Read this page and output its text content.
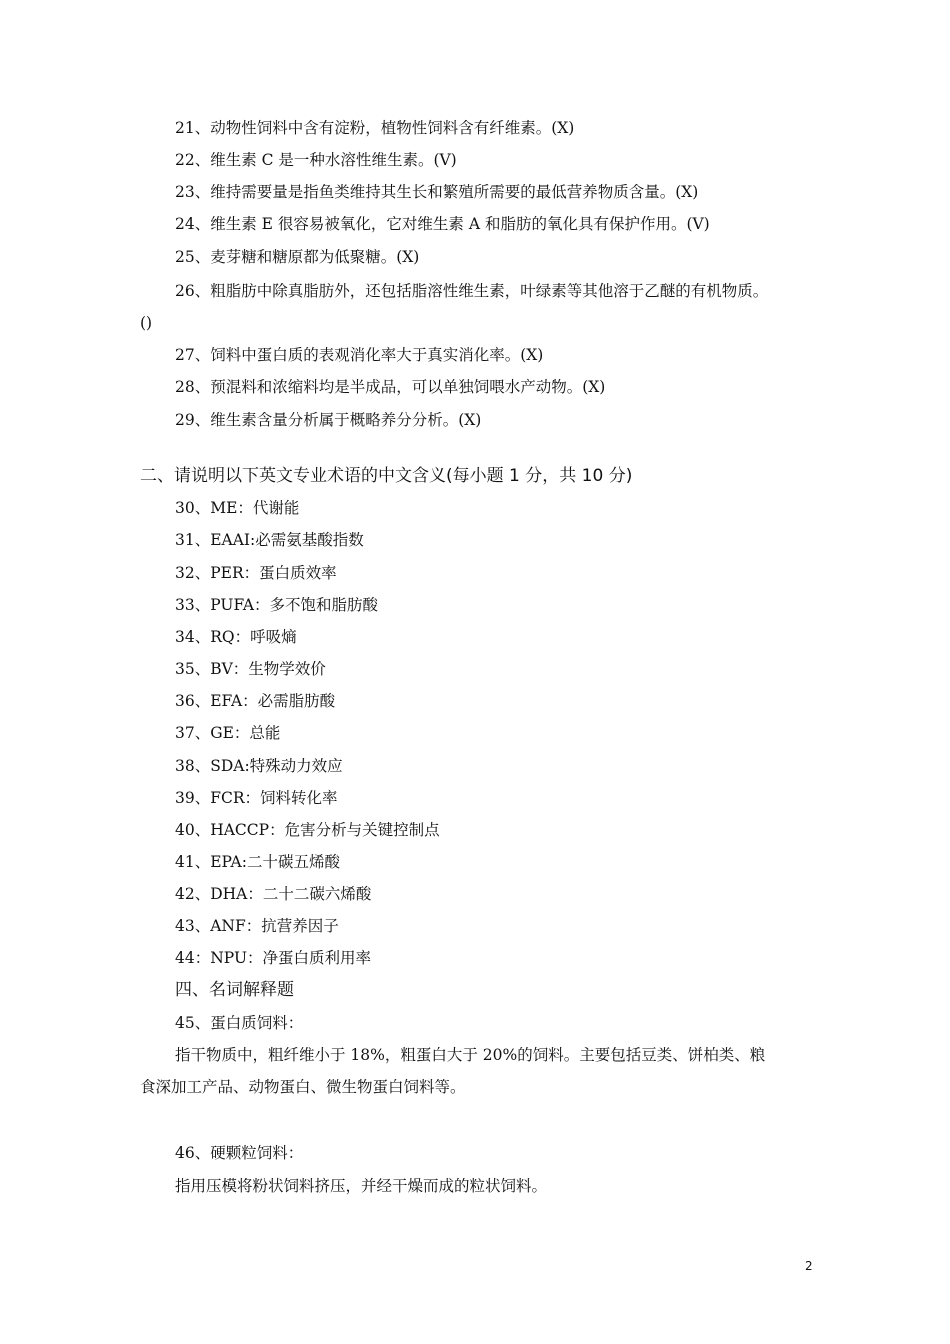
21、动物性饲料中含有淀粉，植物性饲料含有纤维素。(X)
22、维生素 C 是一种水溶性维生素。(V)
23、维持需要量是指鱼类维持其生长和繁殖所需要的最低营养物质含量。(X)
24、维生素 E 很容易被氧化，它对维生素 A 和脂肪的氧化具有保护作用。(V)
25、麦芽糖和糖原都为低聚糖。(X)
26、粗脂肪中除真脂肪外，还包括脂溶性维生素，叶绿素等其他溶于乙醚的有机物质。
()
27、饲料中蛋白质的表观消化率大于真实消化率。(X)
28、预混料和浓缩料均是半成品，可以单独饲喂水产动物。(X)
29、维生素含量分析属于概略养分分析。(X)
二、请说明以下英文专业术语的中文含义(每小题 1 分，共 10 分)
30、ME：代谢能
31、EAAI:必需氨基酸指数
32、PER：蛋白质效率
33、PUFA：多不饱和脂肪酸
34、RQ：呼吸熵
35、BV：生物学效价
36、EFA：必需脂肪酸
37、GE：总能
38、SDA:特殊动力效应
39、FCR：饲料转化率
40、HACCP：危害分析与关键控制点
41、EPA:二十碳五烯酸
42、DHA：二十二碳六烯酸
43、ANF：抗营养因子
44：NPU：净蛋白质利用率
四、名词解释题
45、蛋白质饲料：
指干物质中，粗纤维小于 18%，粗蛋白大于 20%的饲料。主要包括豆类、饼柏类、粮
食深加工产品、动物蛋白、微生物蛋白饲料等。
46、硬颗粒饲料：
指用压模将粉状饲料挤压，并经干燥而成的粒状饲料。
2
